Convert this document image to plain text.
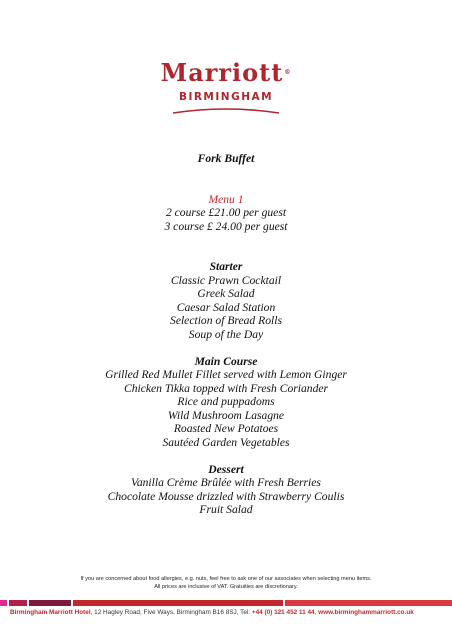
Marriott®
BIRMINGHAM
Fork Buffet
Menu 1
2 course £21.00 per guest
3 course £ 24.00 per guest
Starter
Classic Prawn Cocktail
Greek Salad
Caesar Salad Station
Selection of Bread Rolls
Soup of the Day
Main Course
Grilled Red Mullet Fillet served with Lemon Ginger
Chicken Tikka topped with Fresh Coriander
Rice and puppadoms
Wild Mushroom Lasagne
Roasted New Potatoes
Sautéed Garden Vegetables
Dessert
Vanilla Crème Brûlée with Fresh Berries
Chocolate Mousse drizzled with Strawberry Coulis
Fruit Salad
If you are concerned about food allergies, e.g. nuts, feel free to ask one of our associates when selecting menu items.
All prices are inclusive of VAT. Gratuities are discretionary.
Birmingham Marriott Hotel, 12 Hagley Road, Five Ways, Birmingham B16 8SJ, Tel: +44 (0) 121 452 11 44, www.birminghammarriott.co.uk
